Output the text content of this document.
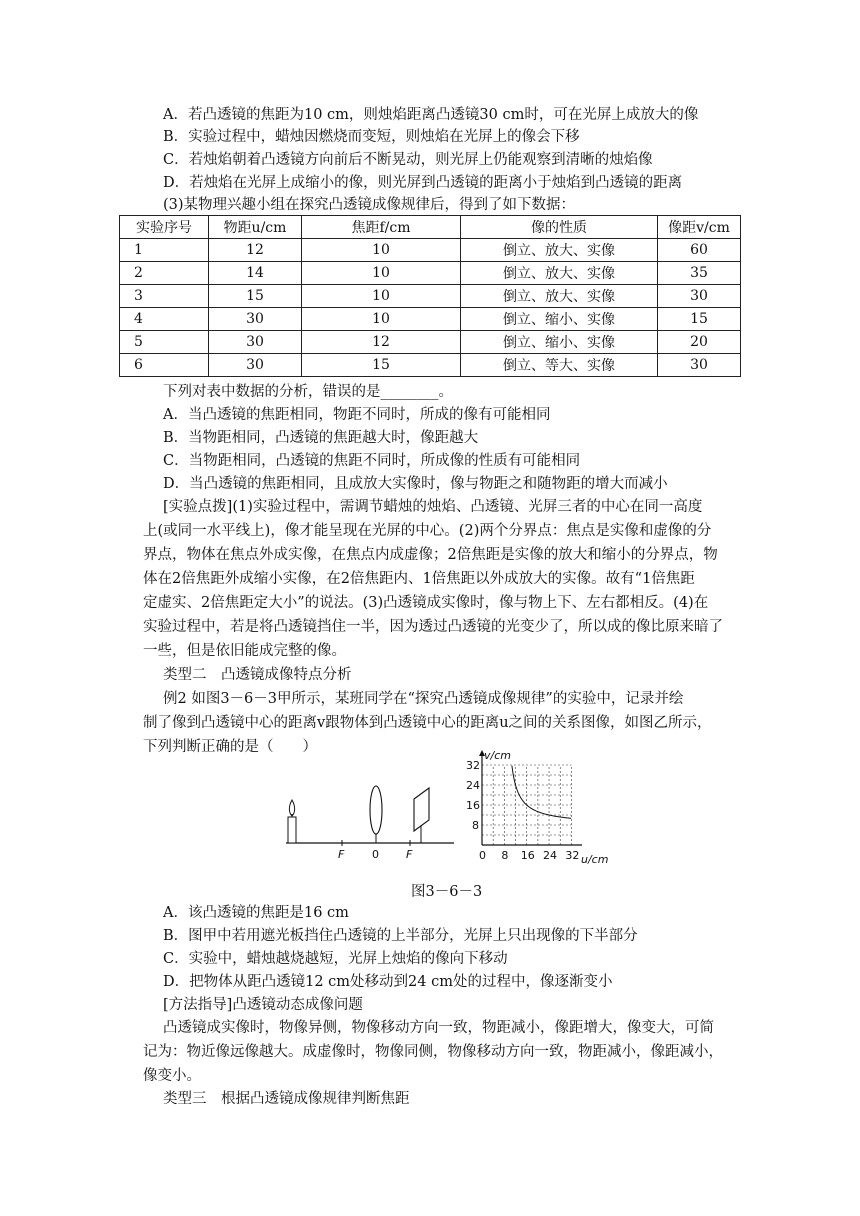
A．若凸透镜的焦距为10 cm，则烛焰距离凸透镜30 cm时，可在光屏上成放大的像
B．实验过程中，蜡烛因燃烧而变短，则烛焰在光屏上的像会下移
C．若烛焰朝着凸透镜方向前后不断晃动，则光屏上仍能观察到清晰的烛焰像
D．若烛焰在光屏上成缩小的像，则光屏到凸透镜的距离小于烛焰到凸透镜的距离
(3)某物理兴趣小组在探究凸透镜成像规律后，得到了如下数据：
实验序号	物距u/cm	焦距f/cm	像的性质	像距v/cm
1	12	10	倒立、放大、实像	60
2	14	10	倒立、放大、实像	35
3	15	10	倒立、放大、实像	30
4	30	10	倒立、缩小、实像	15
5	30	12	倒立、缩小、实像	20
6	30	15	倒立、等大、实像	30
下列对表中数据的分析，错误的是________。
A．当凸透镜的焦距相同，物距不同时，所成的像有可能相同
B．当物距相同，凸透镜的焦距越大时，像距越大
C．当物距相同，凸透镜的焦距不同时，所成像的性质有可能相同
D．当凸透镜的焦距相同，且成放大实像时，像与物距之和随物距的增大而减小
[实验点拨](1)实验过程中，需调节蜡烛的烛焰、凸透镜、光屏三者的中心在同一高度
上(或同一水平线上)，像才能呈现在光屏的中心。(2)两个分界点：焦点是实像和虚像的分
界点，物体在焦点外成实像，在焦点内成虚像；2倍焦距是实像的放大和缩小的分界点，物
体在2倍焦距外成缩小实像，在2倍焦距内、1倍焦距以外成放大的实像。故有“1倍焦距
定虚实、2倍焦距定大小”的说法。(3)凸透镜成实像时，像与物上下、左右都相反。(4)在
实验过程中，若是将凸透镜挡住一半，因为透过凸透镜的光变少了，所以成的像比原来暗了
一些，但是依旧能成完整的像。
类型二　凸透镜成像特点分析
例2 如图3－6－3甲所示，某班同学在“探究凸透镜成像规律”的实验中，记录并绘
制了像到凸透镜中心的距离v跟物体到凸透镜中心的距离u之间的关系图像，如图乙所示，
下列判断正确的是（　　）
F	0 F
v/cm
u/cm
0 8 16 24 32
8
16
24
32
图3－6－3
A．该凸透镜的焦距是16 cm
B．图甲中若用遮光板挡住凸透镜的上半部分，光屏上只出现像的下半部分
C．实验中，蜡烛越烧越短，光屏上烛焰的像向下移动
D．把物体从距凸透镜12 cm处移动到24 cm处的过程中，像逐渐变小
[方法指导]凸透镜动态成像问题
凸透镜成实像时，物像异侧，物像移动方向一致，物距减小，像距增大，像变大，可简
记为：物近像远像越大。成虚像时，物像同侧，物像移动方向一致，物距减小，像距减小，
像变小。
类型三　根据凸透镜成像规律判断焦距
